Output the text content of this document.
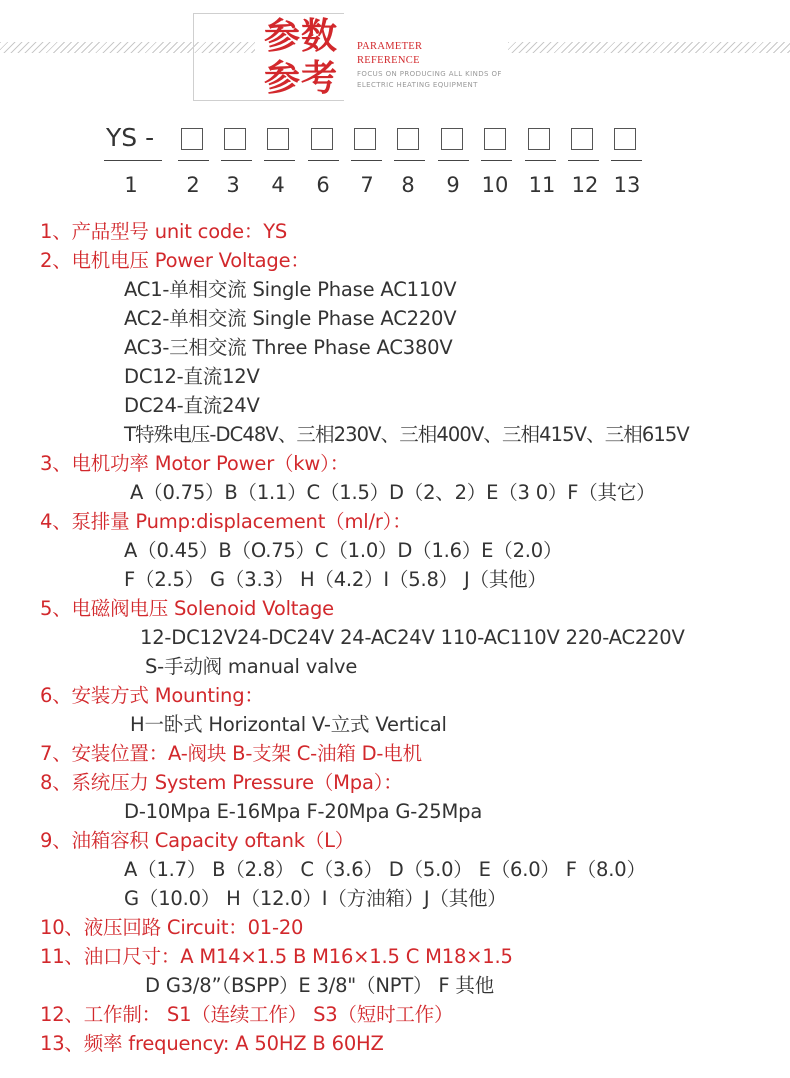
参数
参考
PARAMETER
REFERENCE
FOCUS ON PRODUCING ALL KINDS OF
ELECTRIC HEATING EQUIPMENT
YS -
1	2	3	4	6	7	8	9	10 11 12 13
1、产品型号 unit code：YS
2、电机电压 Power Voltage：
AC1-单相交流 Single Phase AC110V
AC2-单相交流 Single Phase AC220V
AC3-三相交流 Three Phase AC380V
DC12-直流12V
DC24-直流24V
T特殊电压-DC48V、三相230V、三相400V、三相415V、三相615V
3、电机功率 Motor Power（kw）：
A（0.75）B（1.1）C（1.5）D（2、2）E（3 0）F（其它）
4、泵排量 Pump:displacement（ml/r）：
A（0.45）B（O.75）C（1.0）D（1.6）E（2.0）
F（2.5） G（3.3） H（4.2）I（5.8） J（其他）
5、电磁阀电压 Solenoid Voltage
12-DC12V24-DC24V 24-AC24V 110-AC110V 220-AC220V
S-手动阀 manual valve
6、安装方式 Mounting：
H一卧式 Horizontal V-立式 Vertical
7、安装位置：A-阀块 B-支架 C-油箱 D-电机
8、系统压力 System Pressure（Mpa）：
D-10Mpa E-16Mpa F-20Mpa G-25Mpa
9、油箱容积 Capacity oftank（L）
A（1.7） B（2.8） C（3.6） D（5.0） E（6.0） F（8.0）
G（10.0） H（12.0）I（方油箱）J（其他）
10、液压回路 Circuit：01-20
11、油口尺寸：A M14×1.5 B M16×1.5 C M18×1.5
D G3/8”（BSPP）E 3/8"（NPT） F 其他
12、工作制： S1（连续工作） S3（短时工作）
13、频率 frequency: A 50HZ B 60HZ
